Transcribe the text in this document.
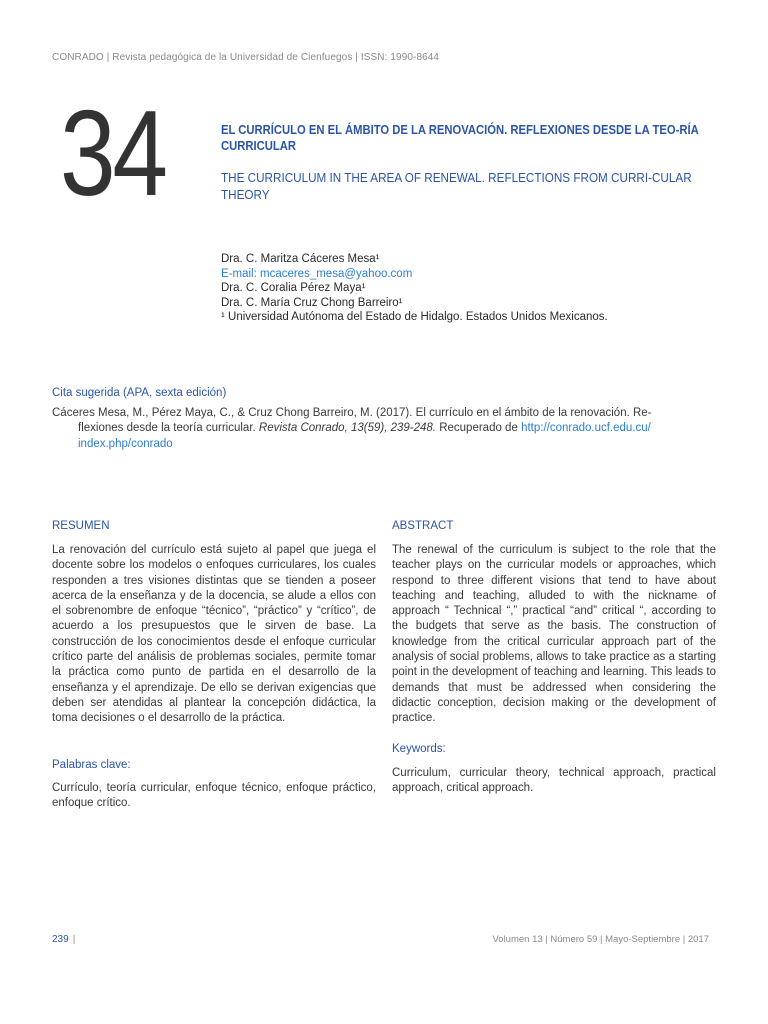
CONRADO | Revista pedagógica de la Universidad de Cienfuegos | ISSN: 1990-8644
34	EL CURRÍCULO EN EL ÁMBITO DE LA RENOVACIÓN. REFLEXIONES DESDE LA TEO-RÍA CURRICULAR
THE CURRICULUM IN THE AREA OF RENEWAL. REFLECTIONS FROM CURRI-CULAR THEORY
Dra. C. Maritza Cáceres Mesa¹
E-mail: mcaceres_mesa@yahoo.com
Dra. C. Coralia Pérez Maya¹
Dra. C. María Cruz Chong Barreiro¹
¹ Universidad Autónoma del Estado de Hidalgo. Estados Unidos Mexicanos.
Cita sugerida (APA, sexta edición)
Cáceres Mesa, M., Pérez Maya, C., & Cruz Chong Barreiro, M. (2017). El currículo en el ámbito de la renovación. Re-
flexiones desde la teoría curricular. Revista Conrado, 13(59), 239-248. Recuperado de http://conrado.ucf.edu.cu/
index.php/conrado
RESUMEN
La renovación del currículo está sujeto al papel que juega el docente sobre los modelos o enfoques curriculares, los cuales responden a tres visiones distintas que se tienden a poseer acerca de la enseñanza y de la docencia, se alude a ellos con el sobrenombre de enfoque “técnico”, “práctico” y “crítico”, de acuerdo a los presupuestos que le sirven de base. La construcción de los conocimientos desde el enfoque curricular crítico parte del análisis de problemas sociales, permite tomar la práctica como punto de partida en el desarrollo de la enseñanza y el aprendizaje. De ello se derivan exigencias que deben ser atendidas al plantear la concepción didáctica, la toma decisiones o el desarrollo de la práctica.
Palabras clave:
Currículo, teoría curricular, enfoque técnico, enfoque práctico, enfoque crítico.
ABSTRACT
The renewal of the curriculum is subject to the role that the teacher plays on the curricular models or approaches, which respond to three different visions that tend to have about teaching and teaching, alluded to with the nickname of approach “ Technical “,” practical “and” critical “, according to the budgets that serve as the basis. The construction of knowledge from the critical curricular approach part of the analysis of social problems, allows to take practice as a starting point in the development of teaching and learning. This leads to demands that must be addressed when considering the didactic conception, decision making or the development of practice.
Keywords:
Curriculum, curricular theory, technical approach, practical approach, critical approach.
239 |	Volumen 13 | Número 59 | Mayo-Septiembre | 2017
